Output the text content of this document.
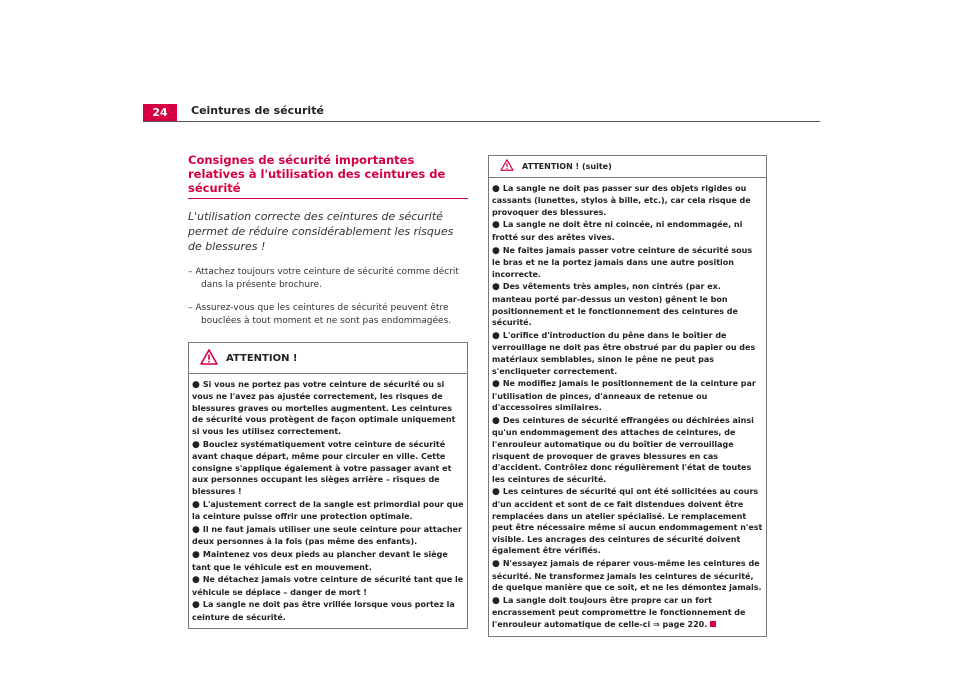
24	Ceintures de sécurité
Consignes de sécurité importantes relatives à l'utilisation des ceintures de sécurité
L'utilisation correcte des ceintures de sécurité permet de réduire considérablement les risques de blessures !
– Attachez toujours votre ceinture de sécurité comme décrit dans la présente brochure.
– Assurez-vous que les ceintures de sécurité peuvent être bouclées à tout moment et ne sont pas endommagées.
ATTENTION !
● Si vous ne portez pas votre ceinture de sécurité ou si vous ne l'avez pas ajustée correctement, les risques de blessures graves ou mortelles augmentent. Les ceintures de sécurité vous protègent de façon optimale uniquement si vous les utilisez correctement.
● Bouclez systématiquement votre ceinture de sécurité avant chaque départ, même pour circuler en ville. Cette consigne s'applique également à votre passager avant et aux personnes occupant les sièges arrière – risques de blessures !
● L'ajustement correct de la sangle est primordial pour que la ceinture puisse offrir une protection optimale.
● Il ne faut jamais utiliser une seule ceinture pour attacher deux personnes à la fois (pas même des enfants).
● Maintenez vos deux pieds au plancher devant le siège tant que le véhicule est en mouvement.
● Ne détachez jamais votre ceinture de sécurité tant que le véhicule se déplace – danger de mort !
● La sangle ne doit pas être vrillée lorsque vous portez la ceinture de sécurité.
ATTENTION ! (suite)
● La sangle ne doit pas passer sur des objets rigides ou cassants (lunettes, stylos à bille, etc.), car cela risque de provoquer des blessures.
● La sangle ne doit être ni coincée, ni endommagée, ni frotté sur des arêtes vives.
● Ne faites jamais passer votre ceinture de sécurité sous le bras et ne la portez jamais dans une autre position incorrecte.
● Des vêtements très amples, non cintrés (par ex. manteau porté par-dessus un veston) gênent le bon positionnement et le fonctionnement des ceintures de sécurité.
● L'orifice d'introduction du pêne dans le boîtier de verrouillage ne doit pas être obstrué par du papier ou des matériaux semblables, sinon le pêne ne peut pas s'encliqueter correctement.
● Ne modifiez jamais le positionnement de la ceinture par l'utilisation de pinces, d'anneaux de retenue ou d'accessoires similaires.
● Des ceintures de sécurité effrangées ou déchirées ainsi qu'un endommagement des attaches de ceintures, de l'enrouleur automatique ou du boîtier de verrouillage risquent de provoquer de graves blessures en cas d'accident. Contrôlez donc régulièrement l'état de toutes les ceintures de sécurité.
● Les ceintures de sécurité qui ont été sollicitées au cours d'un accident et sont de ce fait distendues doivent être remplacées dans un atelier spécialisé. Le remplacement peut être nécessaire même si aucun endommagement n'est visible. Les ancrages des ceintures de sécurité doivent également être vérifiés.
● N'essayez jamais de réparer vous-même les ceintures de sécurité. Ne transformez jamais les ceintures de sécurité, de quelque manière que ce soit, et ne les démontez jamais.
● La sangle doit toujours être propre car un fort encrassement peut compromettre le fonctionnement de l'enrouleur automatique de celle-ci ⇒ page 220.
